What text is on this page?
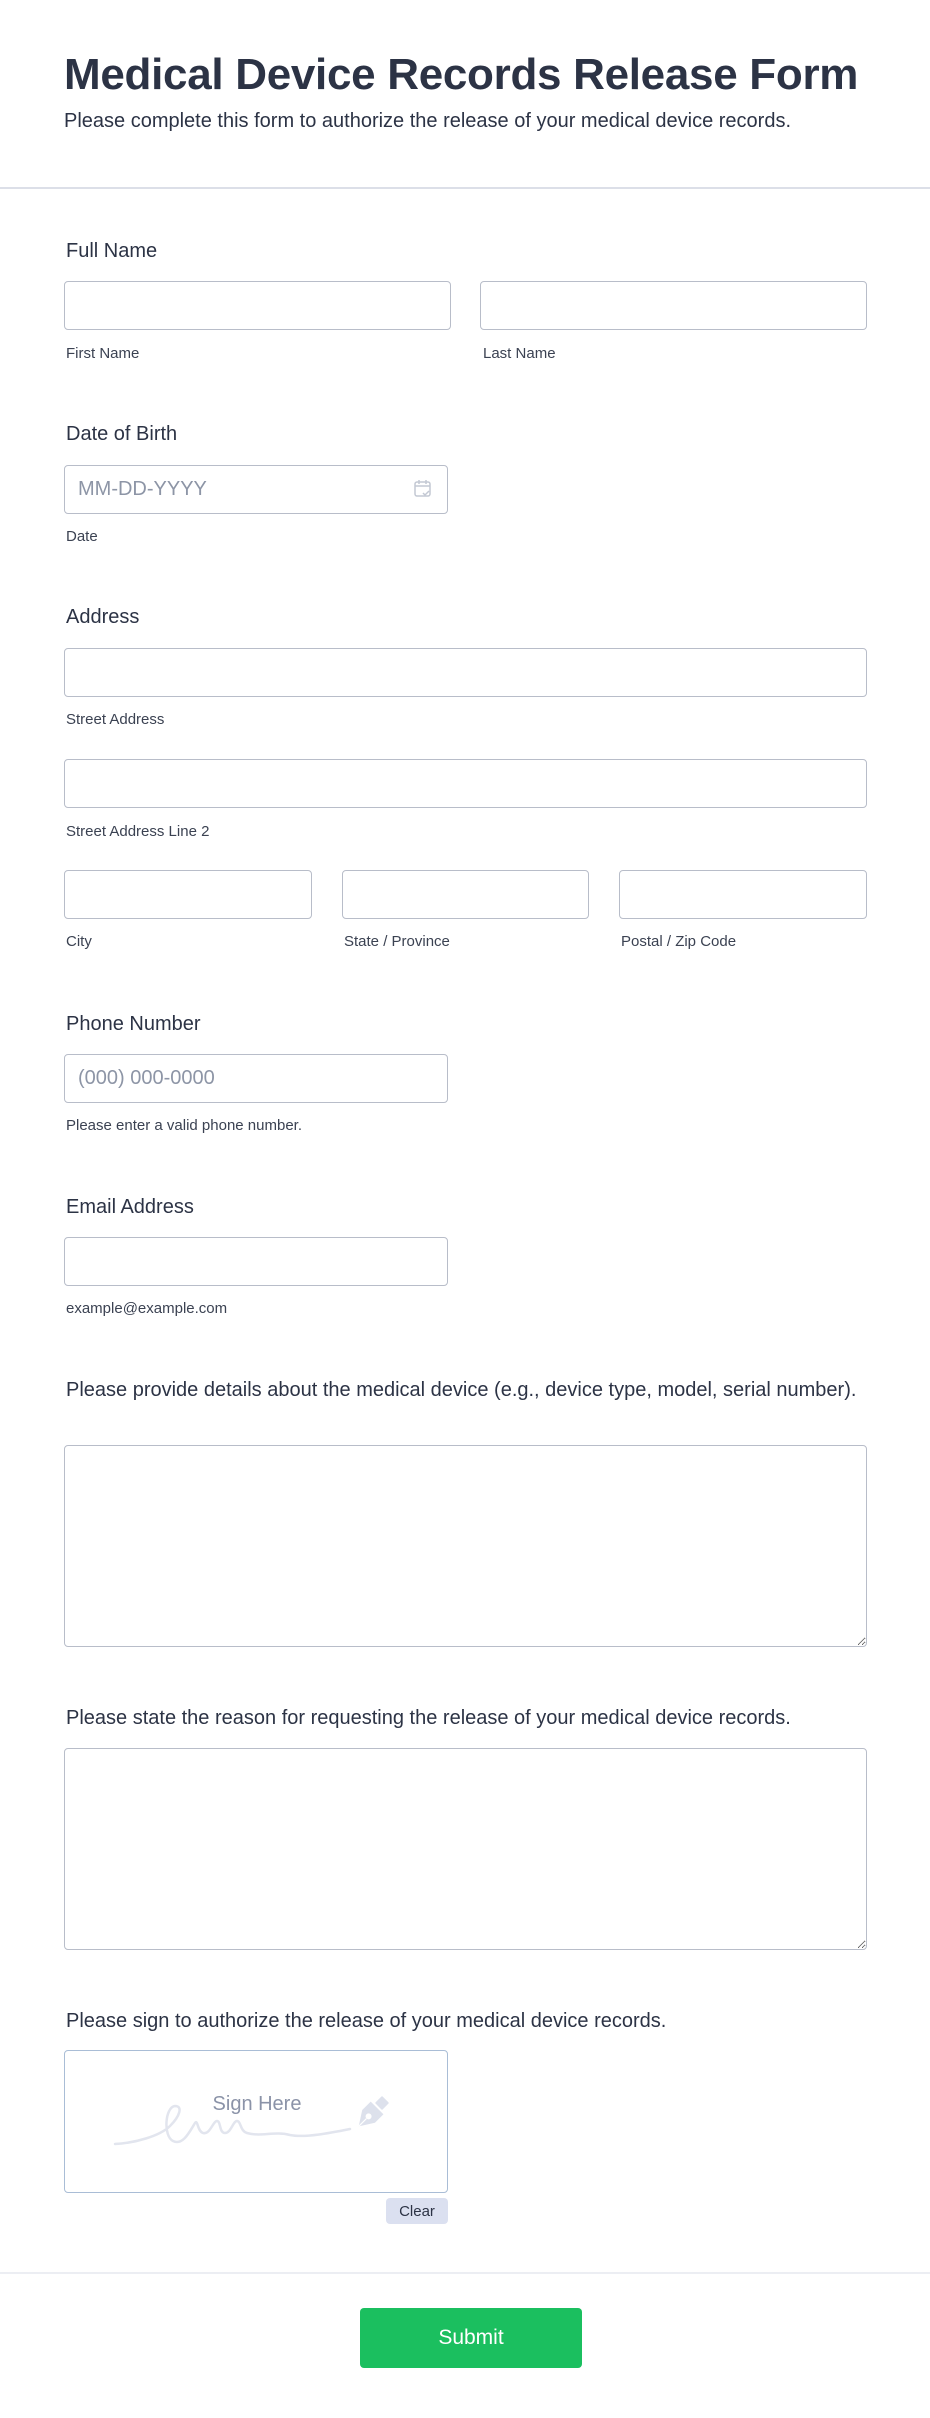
Medical Device Records Release Form

Please complete this form to authorize the release of your medical device records.

Full Name
First Name	Last Name
Date of Birth
MM-DD-YYYY
Date
Address
Street Address
Street Address Line 2
City	State / Province	Postal / Zip Code
Phone Number
(000) 000-0000
Please enter a valid phone number.
Email Address
example@example.com
Please provide details about the medical device (e.g., device type, model, serial number).
Please state the reason for requesting the release of your medical device records.
Please sign to authorize the release of your medical device records.
Sign Here
Clear
Submit
